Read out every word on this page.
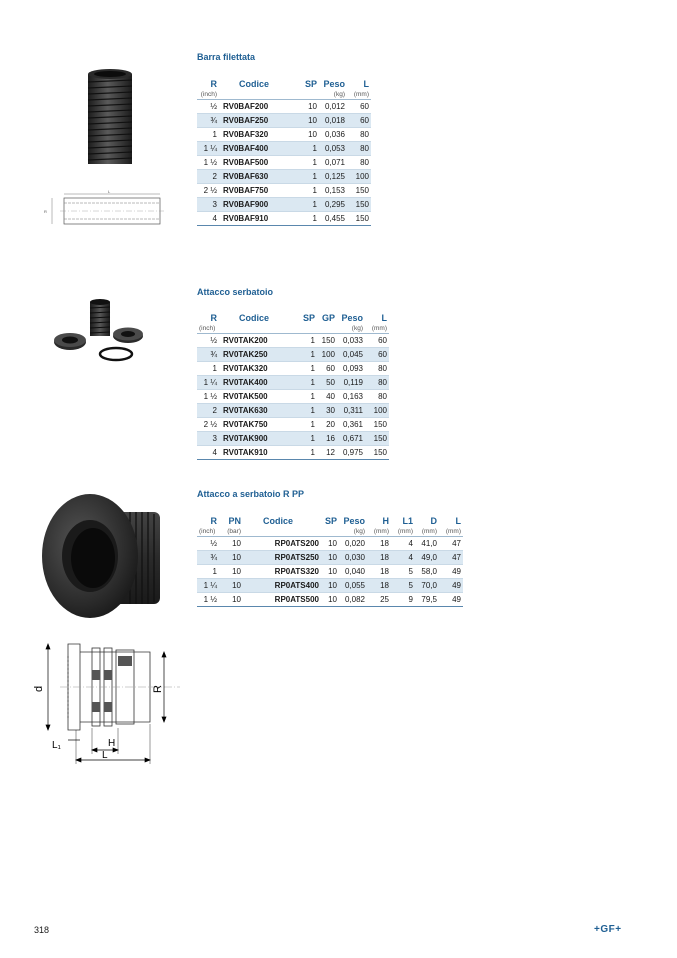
L
R
Barra filettata
R	Codice	SP	Peso	L
(inch)			(kg)	(mm)
½	RV0BAF200	10	0,012	60
¾	RV0BAF250	10	0,018	60
1	RV0BAF320	10	0,036	80
1 ¼	RV0BAF400	1	0,053	80
1 ½	RV0BAF500	1	0,071	80
2	RV0BAF630	1	0,125	100
2 ½	RV0BAF750	1	0,153	150
3	RV0BAF900	1	0,295	150
4	RV0BAF910	1	0,455	150
Attacco serbatoio
R	Codice	SP	GP	Peso	L
(inch)				(kg)	(mm)
½	RV0TAK200	1	150	0,033	60
¾	RV0TAK250	1	100	0,045	60
1	RV0TAK320	1	60	0,093	80
1 ¼	RV0TAK400	1	50	0,119	80
1 ½	RV0TAK500	1	40	0,163	80
2	RV0TAK630	1	30	0,311	100
2 ½	RV0TAK750	1	20	0,361	150
3	RV0TAK900	1	16	0,671	150
4	RV0TAK910	1	12	0,975	150
d	R
L₁	H
L
Attacco a serbatoio R PP
R	PN	Codice	SP	Peso	H	L1	D	L
(inch)	(bar)			(kg)	(mm)	(mm)	(mm)	(mm)
½	10	RP0ATS200	10	0,020	18	4	41,0	47
¾	10	RP0ATS250	10	0,030	18	4	49,0	47
1	10	RP0ATS320	10	0,040	18	5	58,0	49
1 ¼	10	RP0ATS400	10	0,055	18	5	70,0	49
1 ½	10	RP0ATS500	10	0,082	25	9	79,5	49
318	+GF+
